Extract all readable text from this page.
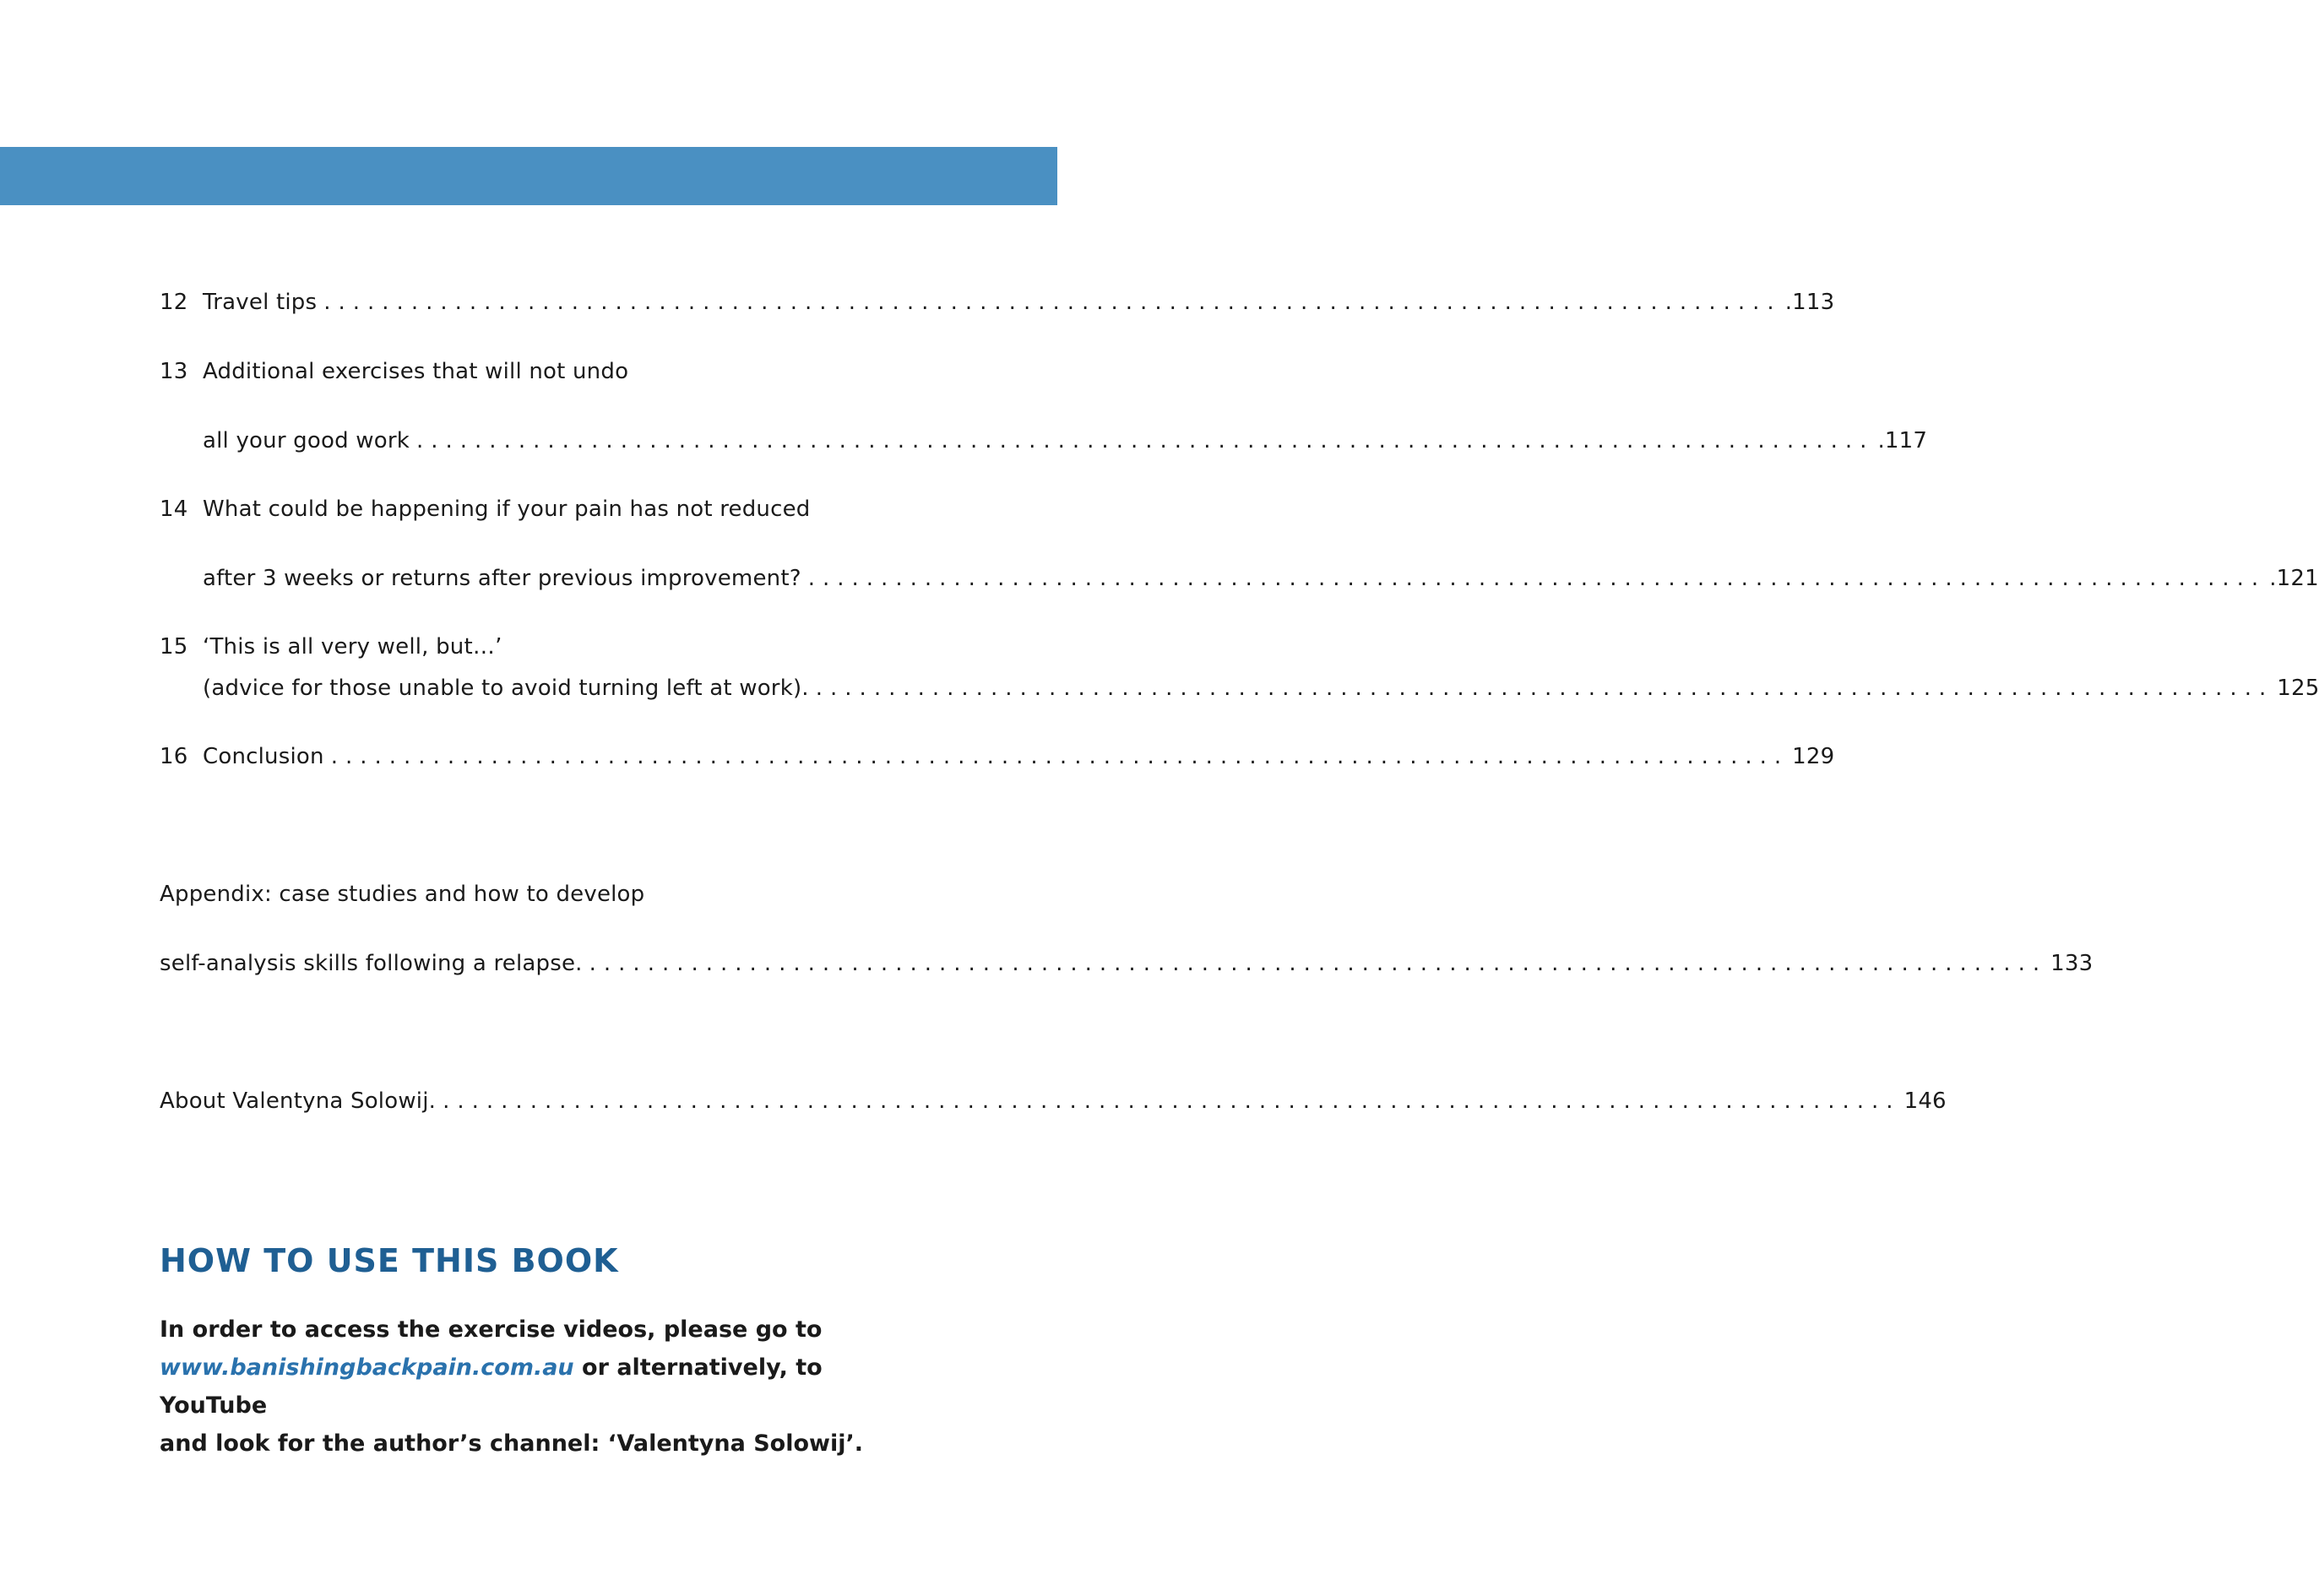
12 Travel tips .................................................................................................... .113
13 Additional exercises that will not undo
all your good work .................................................................................................... .117
14 What could be happening if your pain has not reduced
after 3 weeks or returns after previous improvement? .................................................................................................... .121
15 ‘This is all very well, but…’
(advice for those unable to avoid turning left at work). .................................................................................................... 125
16 Conclusion .................................................................................................... 129
Appendix: case studies and how to develop
self-analysis skills following a relapse. .................................................................................................... 133
About Valentyna Solowij. .................................................................................................... 146
HOW TO USE THIS BOOK
In order to access the exercise videos, please go to
www.banishingbackpain.com.au or alternatively, to YouTube
and look for the author’s channel: ‘Valentyna Solowij’.
